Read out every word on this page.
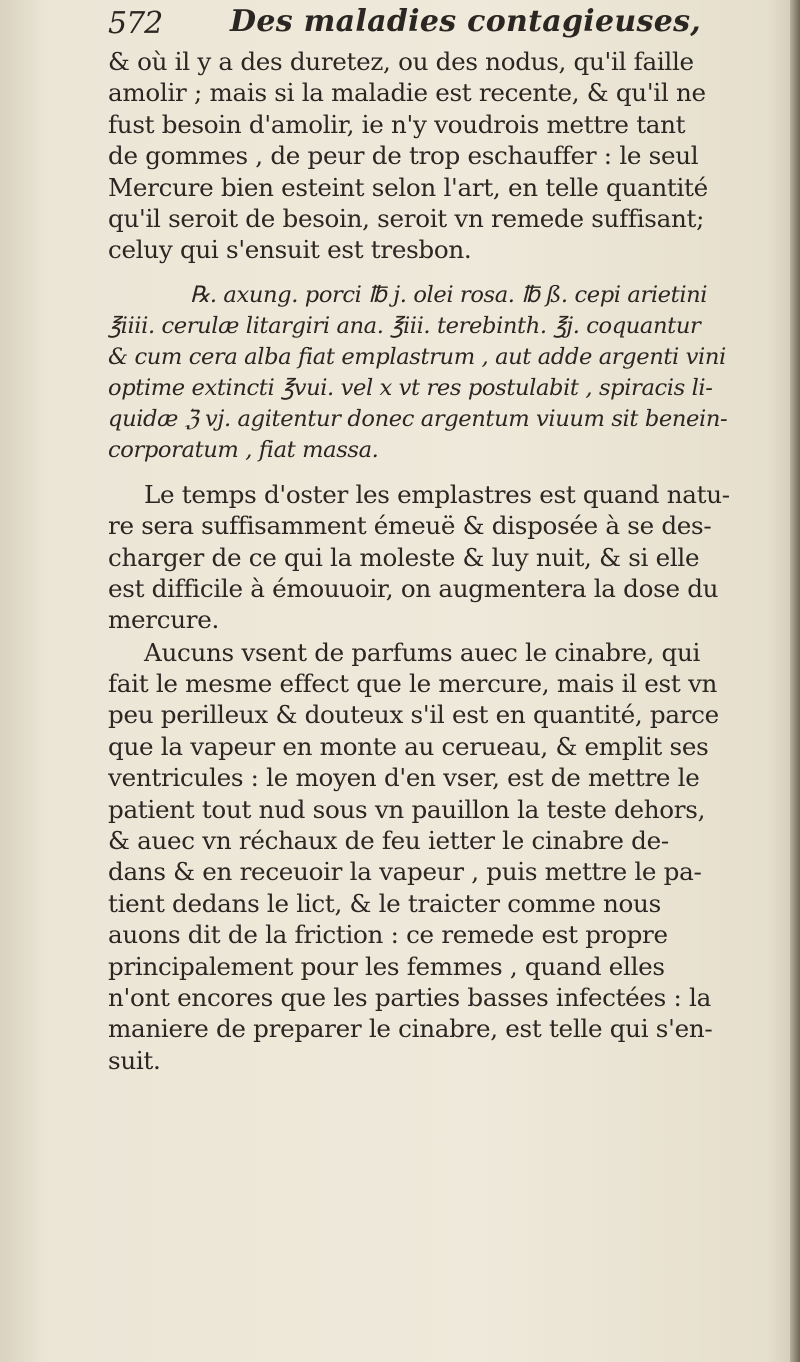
572 Des maladies contagieuses,
& où il y a des duretez, ou des nodus, qu'il faille
amolir ; mais si la maladie est recente, & qu'il ne
fust besoin d'amolir, ie n'y voudrois mettre tant
de gommes , de peur de trop eschauffer : le seul
Mercure bien esteint selon l'art, en telle quantité
qu'il seroit de besoin, seroit vn remede suffisant;
celuy qui s'ensuit est tresbon.
℞. axung. porci ℔ j. olei rosa. ℔ ß. cepi arietini
℥iiii. cerulæ litargiri ana. ℥iii. terebinth. ℥j. coquantur
& cum cera alba fiat emplastrum , aut adde argenti vini
optime extincti ℥vui. vel x vt res postulabit , spiracis li-
quidæ ℨ vj. agitentur donec argentum viuum sit benein-
corporatum , fiat massa.
Le temps d'oster les emplastres est quand natu-
re sera suffisamment émeuë & disposée à se des-
charger de ce qui la moleste & luy nuit, & si elle
est difficile à émouuoir, on augmentera la dose du
mercure.
Aucuns vsent de parfums auec le cinabre, qui
fait le mesme effect que le mercure, mais il est vn
peu perilleux & douteux s'il est en quantité, parce
que la vapeur en monte au cerueau, & emplit ses
ventricules : le moyen d'en vser, est de mettre le
patient tout nud sous vn pauillon la teste dehors,
& auec vn réchaux de feu ietter le cinabre de-
dans & en receuoir la vapeur , puis mettre le pa-
tient dedans le lict, & le traicter comme nous
auons dit de la friction : ce remede est propre
principalement pour les femmes , quand elles
n'ont encores que les parties basses infectées : la
maniere de preparer le cinabre, est telle qui s'en-
suit.
